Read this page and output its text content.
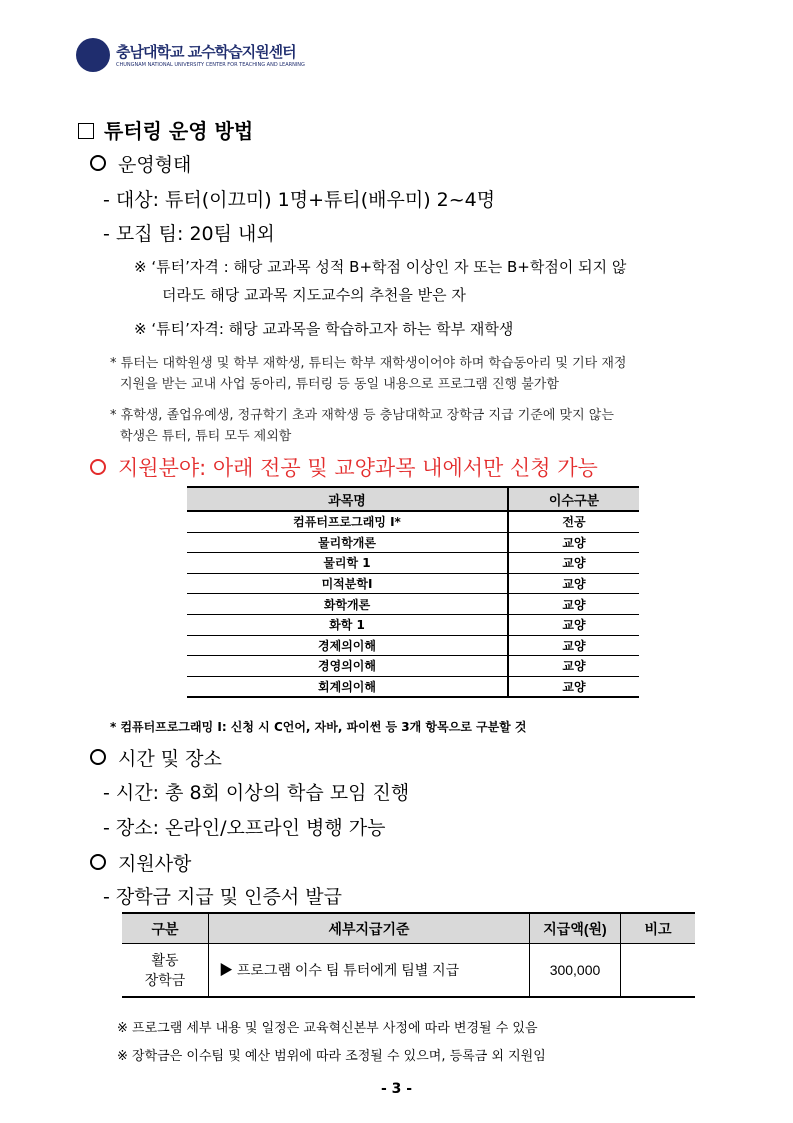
충남대학교 교수학습지원센터
CHUNGNAM NATIONAL UNIVERSITY CENTER FOR TEACHING AND LEARNING
튜터링 운영 방법
운영형태
- 대상: 튜터(이끄미) 1명+튜티(배우미) 2~4명
- 모집 팀: 20팀 내외
※ ‘튜터’자격 : 해당 교과목 성적 B+학점 이상인 자 또는 B+학점이 되지 않
더라도 해당 교과목 지도교수의 추천을 받은 자
※ ‘튜티’자격: 해당 교과목을 학습하고자 하는 학부 재학생
* 튜터는 대학원생 및 학부 재학생, 튜티는 학부 재학생이어야 하며 학습동아리 및 기타 재정
지원을 받는 교내 사업 동아리, 튜터링 등 동일 내용으로 프로그램 진행 불가함
* 휴학생, 졸업유예생, 정규학기 초과 재학생 등 충남대학교 장학금 지급 기준에 맞지 않는
학생은 튜터, 튜티 모두 제외함
지원분야: 아래 전공 및 교양과목 내에서만 신청 가능
과목명	이수구분
컴퓨터프로그래밍 I*	전공
물리학개론	교양
물리학 1	교양
미적분학I	교양
화학개론	교양
화학 1	교양
경제의이해	교양
경영의이해	교양
회계의이해	교양
* 컴퓨터프로그래밍 I: 신청 시 C언어, 자바, 파이썬 등 3개 항목으로 구분할 것
시간 및 장소
- 시간: 총 8회 이상의 학습 모임 진행
- 장소: 온라인/오프라인 병행 가능
지원사항
- 장학금 지급 및 인증서 발급
구분	세부지급기준	지급액(원)	비고
활동
장학금	▶ 프로그램 이수 팀 튜터에게 팀별 지급	300,000	
※ 프로그램 세부 내용 및 일정은 교육혁신본부 사정에 따라 변경될 수 있음
※ 장학금은 이수팀 및 예산 범위에 따라 조정될 수 있으며, 등록금 외 지원임
- 3 -
